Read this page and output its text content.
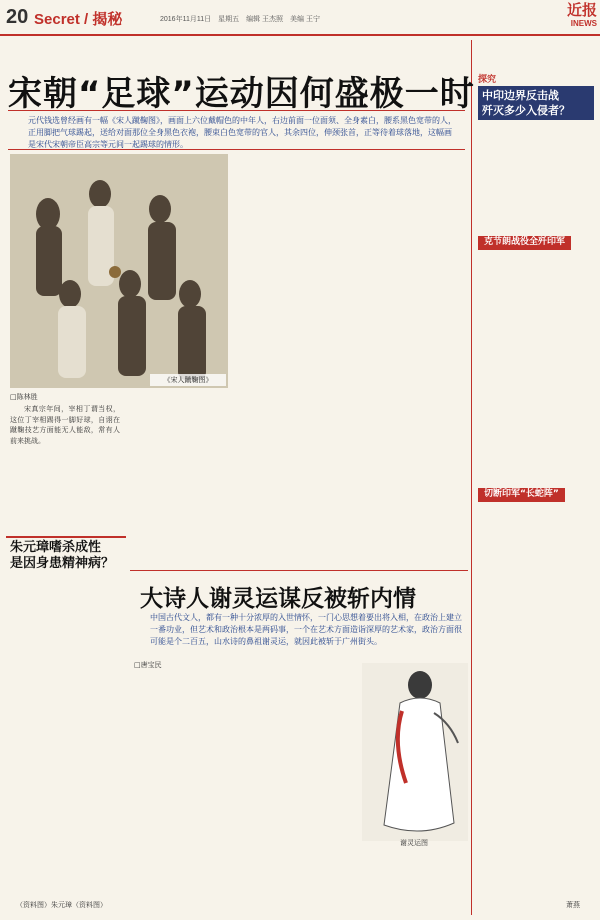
20 Secret / 揭秘	2016年11月11日　星期五　编辑 王杰照　美编 王宁
近报
INEWS
宋朝“足球”运动因何盛极一时
元代钱选曾经画有一幅《宋人蹴鞠图》，画面上六位戴帽色的中年人，右边前面一位面须、全身素白，腰系黑色宽带的人，正用脚把气球踢起，送给对面那位全身黑色衣袍，腰束白色宽带的官人，其余四位，伸颈张首，正等待着球落地，这幅画是宋代宋朝帝臣高宗等元间一起踢球的情形。
《宋人蹴鞠图》
□陈林胜

宋真宗年间，宰相丁谓当权，这位丁宰相踢得一脚好球，自诩在蹴鞠技艺方面能无人能敌，常有人前来挑战。

朱元璋嗜杀成性
是因身患精神病？
（资料图）朱元璋（资料图）
大诗人谢灵运谋反被斩内情
中国古代文人，都有一种十分浓厚的入世情怀，一门心思想着要出将入相，在政治上建立一番功业，但艺术和政治根本是两码事，一个在艺术方面造诣深厚的艺术家，政治方面很可能是个二百五，山水诗的鼻祖谢灵运，就因此被斩于广州街头。
□唐宝民
谢灵运图
探究
中印边界反击战
歼灭多少入侵者？
克节朗战役全歼印军
切断印军“长蛇阵”
萧燕
